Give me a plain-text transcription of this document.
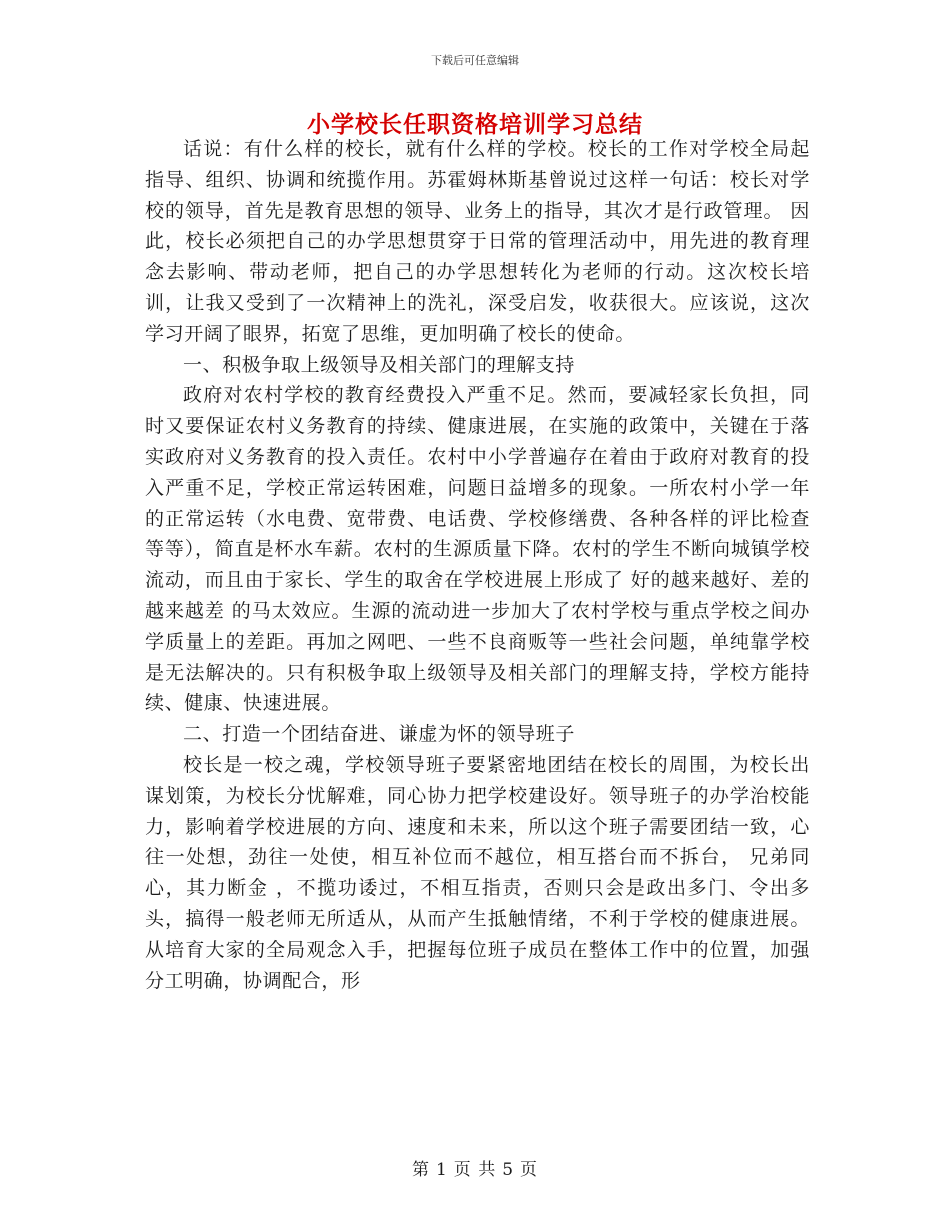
下载后可任意编辑
小学校长任职资格培训学习总结

话说：有什么样的校长，就有什么样的学校。校长的工作对学校全局起指导、组织、协调和统揽作用。苏霍姆林斯基曾说过这样一句话：校长对学校的领导，首先是教育思想的领导、业务上的指导，其次才是行政管理。 因此，校长必须把自己的办学思想贯穿于日常的管理活动中，用先进的教育理念去影响、带动老师，把自己的办学思想转化为老师的行动。这次校长培训，让我又受到了一次精神上的洗礼，深受启发，收获很大。应该说，这次学习开阔了眼界，拓宽了思维，更加明确了校长的使命。

一、积极争取上级领导及相关部门的理解支持

政府对农村学校的教育经费投入严重不足。然而，要减轻家长负担，同时又要保证农村义务教育的持续、健康进展，在实施的政策中，关键在于落实政府对义务教育的投入责任。农村中小学普遍存在着由于政府对教育的投入严重不足，学校正常运转困难，问题日益增多的现象。一所农村小学一年的正常运转（水电费、宽带费、电话费、学校修缮费、各种各样的评比检查等等），简直是杯水车薪。农村的生源质量下降。农村的学生不断向城镇学校流动，而且由于家长、学生的取舍在学校进展上形成了 好的越来越好、差的越来越差 的马太效应。生源的流动进一步加大了农村学校与重点学校之间办学质量上的差距。再加之网吧、一些不良商贩等一些社会问题，单纯靠学校是无法解决的。只有积极争取上级领导及相关部门的理解支持，学校方能持续、健康、快速进展。

二、打造一个团结奋进、谦虚为怀的领导班子

校长是一校之魂，学校领导班子要紧密地团结在校长的周围，为校长出谋划策，为校长分忧解难，同心协力把学校建设好。领导班子的办学治校能力，影响着学校进展的方向、速度和未来，所以这个班子需要团结一致，心往一处想，劲往一处使，相互补位而不越位，相互搭台而不拆台， 兄弟同心，其力断金 ，不揽功诿过，不相互指责，否则只会是政出多门、令出多头，搞得一般老师无所适从，从而产生抵触情绪，不利于学校的健康进展。从培育大家的全局观念入手，把握每位班子成员在整体工作中的位置，加强分工明确，协调配合，形

第 1 页 共 5 页
